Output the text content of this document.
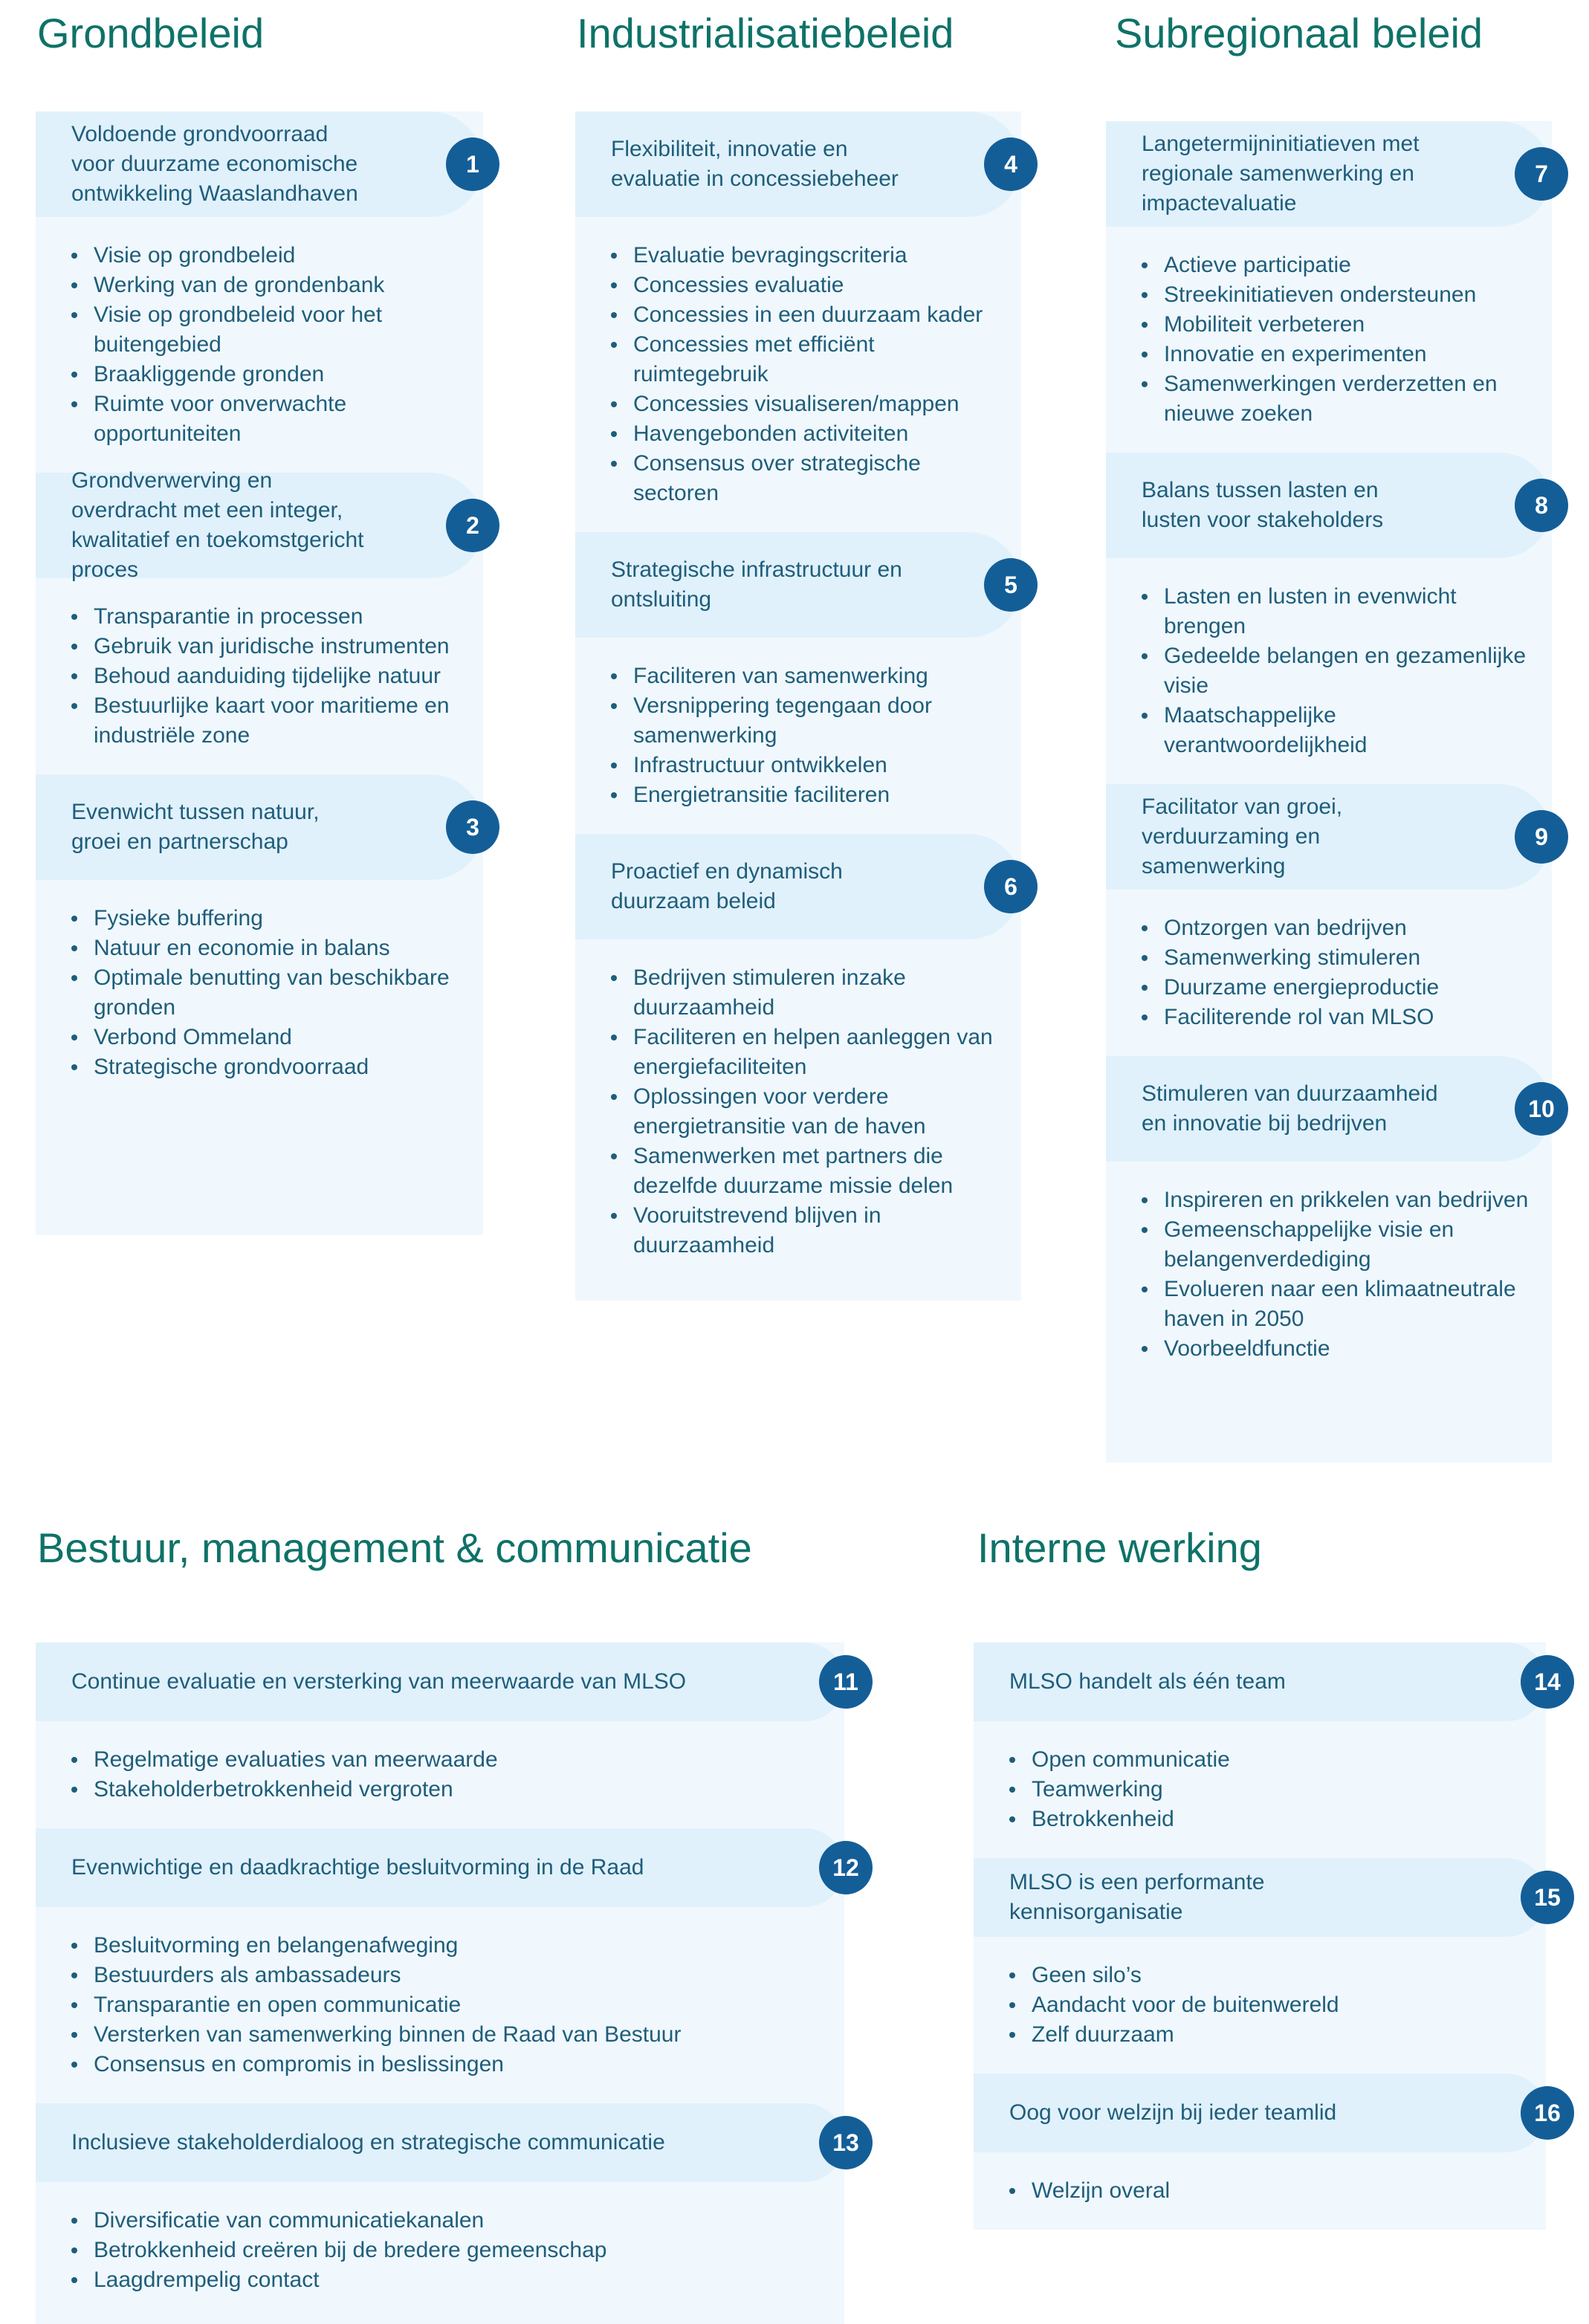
Grondbeleid	Industrialisatiebeleid	Subregionaal beleid
Bestuur, management & communicatie	Interne werking
Voldoende grondvoorraad voor duurzame economische ontwikkeling Waaslandhaven
1
Visie op grondbeleid
Werking van de grondenbank
Visie op grondbeleid voor het buitengebied
Braakliggende gronden
Ruimte voor onverwachte opportuniteiten
Grondverwerving en overdracht met een integer, kwalitatief en toekomstgericht proces
2
Transparantie in processen
Gebruik van juridische instrumenten
Behoud aanduiding tijdelijke natuur
Bestuurlijke kaart voor maritieme en industriële zone
Evenwicht tussen natuur, groei en partnerschap
3
Fysieke buffering
Natuur en economie in balans
Optimale benutting van beschikbare gronden
Verbond Ommeland
Strategische grondvoorraad
Flexibiliteit, innovatie en evaluatie in concessiebeheer
4
Evaluatie bevragingscriteria
Concessies evaluatie
Concessies in een duurzaam kader
Concessies met efficiënt ruimtegebruik
Concessies visualiseren/mappen
Havengebonden activiteiten
Consensus over strategische sectoren
Strategische infrastructuur en ontsluiting
5
Faciliteren van samenwerking
Versnippering tegengaan door samenwerking
Infrastructuur ontwikkelen
Energietransitie faciliteren
Proactief en dynamisch duurzaam beleid
6
Bedrijven stimuleren inzake duurzaamheid
Faciliteren en helpen aanleggen van energiefaciliteiten
Oplossingen voor verdere energietransitie van de haven
Samenwerken met partners die dezelfde duurzame missie delen
Vooruitstrevend blijven in duurzaamheid
Langetermijninitiatieven met regionale samenwerking en impactevaluatie
7
Actieve participatie
Streekinitiatieven ondersteunen
Mobiliteit verbeteren
Innovatie en experimenten
Samenwerkingen verderzetten en nieuwe zoeken
Balans tussen lasten en lusten voor stakeholders
8
Lasten en lusten in evenwicht brengen
Gedeelde belangen en gezamenlijke visie
Maatschappelijke verantwoordelijkheid
Facilitator van groei, verduurzaming en samenwerking
9
Ontzorgen van bedrijven
Samenwerking stimuleren
Duurzame energieproductie
Faciliterende rol van MLSO
Stimuleren van duurzaamheid en innovatie bij bedrijven
10
Inspireren en prikkelen van bedrijven
Gemeenschappelijke visie en belangenverdediging
Evolueren naar een klimaatneutrale haven in 2050
Voorbeeldfunctie
Continue evaluatie en versterking van meerwaarde van MLSO	11
Regelmatige evaluaties van meerwaarde
Stakeholderbetrokkenheid vergroten
Evenwichtige en daadkrachtige besluitvorming in de Raad	12
Besluitvorming en belangenafweging
Bestuurders als ambassadeurs
Transparantie en open communicatie
Versterken van samenwerking binnen de Raad van Bestuur
Consensus en compromis in beslissingen
Inclusieve stakeholderdialoog en strategische communicatie	13
Diversificatie van communicatiekanalen
Betrokkenheid creëren bij de bredere gemeenschap
Laagdrempelig contact
MLSO handelt als één team	14
Open communicatie
Teamwerking
Betrokkenheid
MLSO is een performante kennisorganisatie
15
Geen silo’s
Aandacht voor de buitenwereld
Zelf duurzaam
Oog voor welzijn bij ieder teamlid	16
Welzijn overal
